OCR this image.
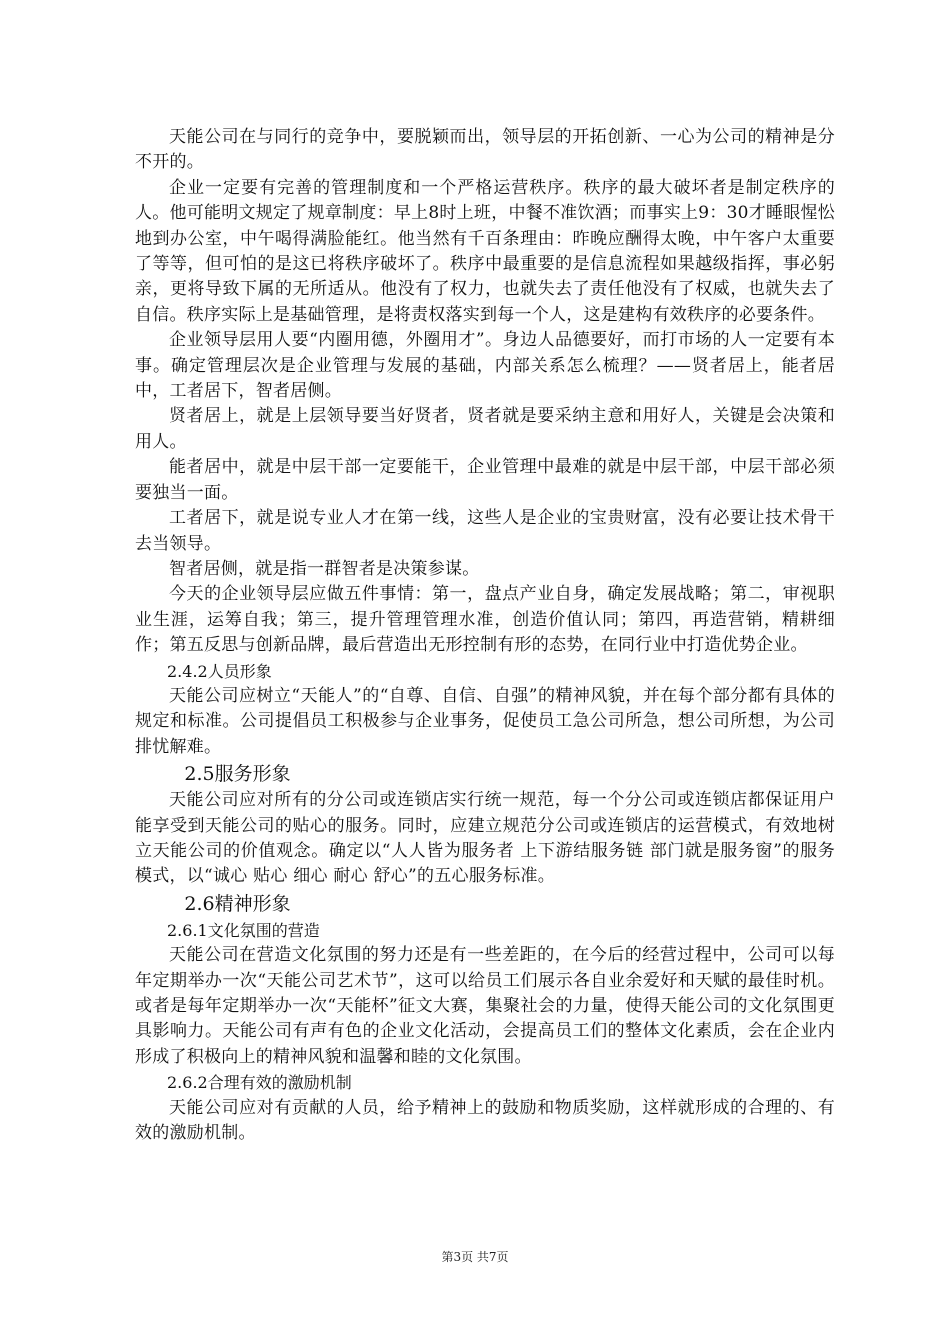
天能公司在与同行的竞争中，要脱颖而出，领导层的开拓创新、一心为公司的精神是分不开的。

企业一定要有完善的管理制度和一个严格运营秩序。秩序的最大破坏者是制定秩序的人。他可能明文规定了规章制度：早上8时上班，中餐不准饮酒；而事实上9：30才睡眼惺忪地到办公室，中午喝得满脸能红。他当然有千百条理由：昨晚应酬得太晚，中午客户太重要了等等，但可怕的是这已将秩序破坏了。秩序中最重要的是信息流程如果越级指挥，事必躬亲，更将导致下属的无所适从。他没有了权力，也就失去了责任他没有了权威，也就失去了自信。秩序实际上是基础管理，是将责权落实到每一个人，这是建构有效秩序的必要条件。

企业领导层用人要“内圈用德，外圈用才”。身边人品德要好，而打市场的人一定要有本事。确定管理层次是企业管理与发展的基础，内部关系怎么梳理？——贤者居上，能者居中，工者居下，智者居侧。

贤者居上，就是上层领导要当好贤者，贤者就是要采纳主意和用好人，关键是会决策和用人。

能者居中，就是中层干部一定要能干，企业管理中最难的就是中层干部，中层干部必须要独当一面。

工者居下，就是说专业人才在第一线，这些人是企业的宝贵财富，没有必要让技术骨干去当领导。

智者居侧，就是指一群智者是决策参谋。

今天的企业领导层应做五件事情：第一，盘点产业自身，确定发展战略；第二，审视职业生涯，运筹自我；第三，提升管理管理水准，创造价值认同；第四，再造营销，精耕细作；第五反思与创新品牌，最后营造出无形控制有形的态势，在同行业中打造优势企业。

2.4.2人员形象

天能公司应树立“天能人”的“自尊、自信、自强”的精神风貌，并在每个部分都有具体的规定和标准。公司提倡员工积极参与企业事务，促使员工急公司所急，想公司所想，为公司排忧解难。

2.5服务形象

天能公司应对所有的分公司或连锁店实行统一规范，每一个分公司或连锁店都保证用户能享受到天能公司的贴心的服务。同时，应建立规范分公司或连锁店的运营模式，有效地树立天能公司的价值观念。确定以“人人皆为服务者 上下游结服务链 部门就是服务窗”的服务模式，以“诚心 贴心 细心 耐心 舒心”的五心服务标准。

2.6精神形象

2.6.1文化氛围的营造

天能公司在营造文化氛围的努力还是有一些差距的，在今后的经营过程中，公司可以每年定期举办一次“天能公司艺术节”，这可以给员工们展示各自业余爱好和天赋的最佳时机。或者是每年定期举办一次“天能杯”征文大赛，集聚社会的力量，使得天能公司的文化氛围更具影响力。天能公司有声有色的企业文化活动，会提高员工们的整体文化素质，会在企业内形成了积极向上的精神风貌和温馨和睦的文化氛围。

2.6.2合理有效的激励机制

天能公司应对有贡献的人员，给予精神上的鼓励和物质奖励，这样就形成的合理的、有效的激励机制。

第3页 共7页
